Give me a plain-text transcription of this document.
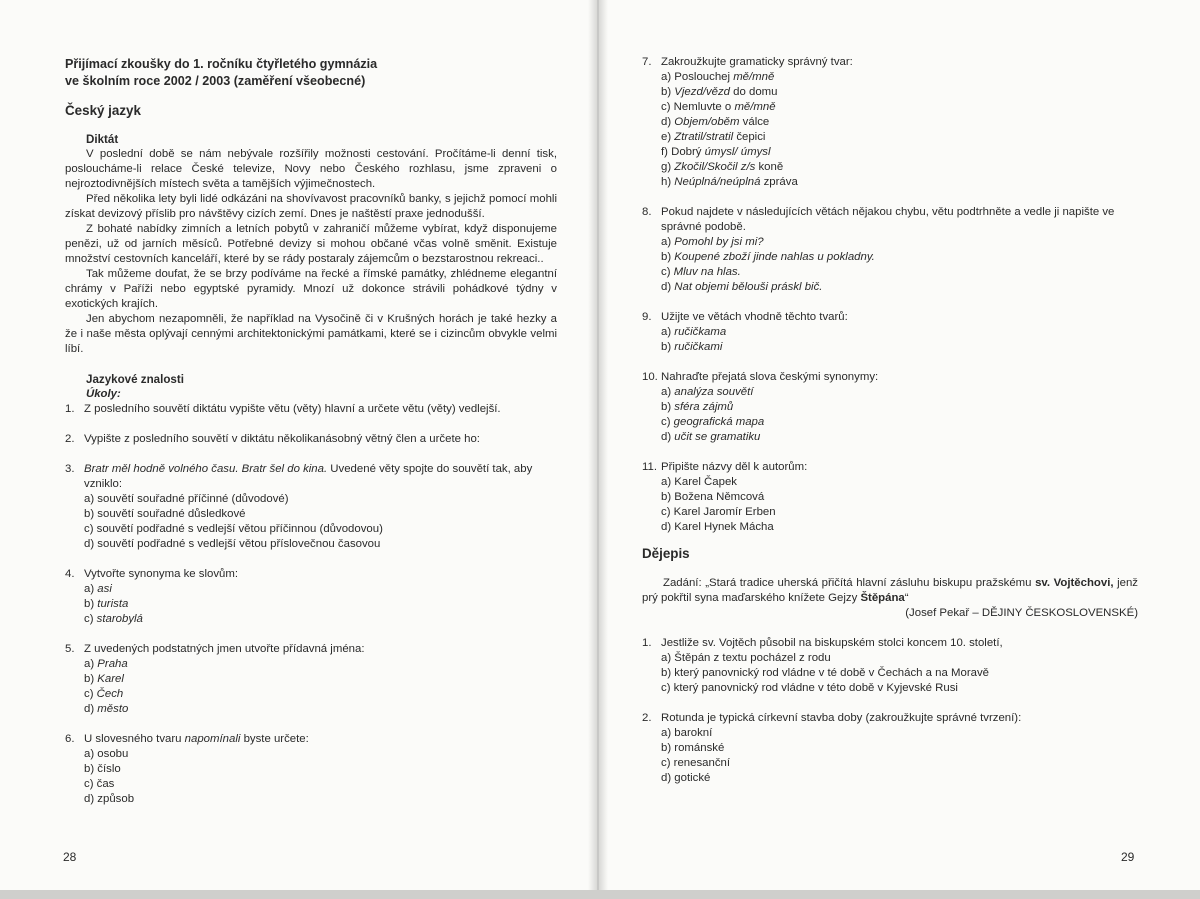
Přijímací zkoušky do 1. ročníku čtyřletého gymnázia

ve školním roce 2002 / 2003 (zaměření všeobecné)

Český jazyk
Diktát

V poslední době se nám nebývale rozšířily možnosti cestování. Pročítáme-li denní tisk, posloucháme-li relace České televize, Novy nebo Českého rozhlasu, jsme zpraveni o nejroztodivnějších místech světa a tamějších výjimečnostech.

Před několika lety byli lidé odkázáni na shovívavost pracovníků banky, s jejichž pomocí mohli získat devizový příslib pro návštěvy cizích zemí. Dnes je naštěstí praxe jednodušší.

Z bohaté nabídky zimních a letních pobytů v zahraničí můžeme vybírat, když disponujeme penězi, už od jarních měsíců. Potřebné devizy si mohou občané včas volně směnit. Existuje množství cestovních kanceláří, které by se rády postaraly zájemcům o bezstarostnou rekreaci..

Tak můžeme doufat, že se brzy podíváme na řecké a římské památky, zhlédneme elegantní chrámy v Paříži nebo egyptské pyramidy. Mnozí už dokonce strávili pohádkové týdny v exotických krajích.

Jen abychom nezapomněli, že například na Vysočině či v Krušných horách je také hezky a že i naše města oplývají cennými architektonickými památkami, které se i cizincům obvykle velmi líbí.

Jazykové znalosti
Úkoly:
1. Z posledního souvětí diktátu vypište větu (věty) hlavní a určete větu (věty) vedlejší.
2. Vypište z posledního souvětí v diktátu několikanásobný větný člen a určete ho:
3. Bratr měl hodně volného času. Bratr šel do kina. Uvedené věty spojte do souvětí tak, aby vzniklo:
a) souvětí souřadné příčinné (důvodové)
b) souvětí souřadné důsledkové
c) souvětí podřadné s vedlejší větou příčinnou (důvodovou)
d) souvětí podřadné s vedlejší větou příslovečnou časovou
4. Vytvořte synonyma ke slovům:
a) asi
b) turista
c) starobylá
5. Z uvedených podstatných jmen utvořte přídavná jména:
a) Praha
b) Karel
c) Čech
d) město
6. U slovesného tvaru napomínali byste určete:
a) osobu
b) číslo
c) čas
d) způsob
28
7. Zakroužkujte gramaticky správný tvar:
a) Poslouchej mě/mně
b) Vjezd/vězd do domu
c) Nemluvte o mě/mně
d) Objem/oběm válce
e) Ztratil/stratil čepici
f) Dobrý úmysl/ úmysl
g) Zkočil/Skočil z/s koně
h) Neúplná/neúplná zpráva
8. Pokud najdete v následujících větách nějakou chybu, větu podtrhněte a vedle ji napište ve správné podobě.
a) Pomohl by jsi mi?
b) Koupené zboží jinde nahlas u pokladny.
c) Mluv na hlas.
d) Nat objemi bělouši práskl bič.
9. Užijte ve větách vhodně těchto tvarů:
a) ručičkama
b) ručičkami
10. Nahraďte přejatá slova českými synonymy:
a) analýza souvětí
b) sféra zájmů
c) geografická mapa
d) učit se gramatiku
11. Připište názvy děl k autorům:
a) Karel Čapek
b) Božena Němcová
c) Karel Jaromír Erben
d) Karel Hynek Mácha
Dějepis

Zadání: „Stará tradice uherská přičítá hlavní zásluhu biskupu pražskému sv. Vojtěchovi, jenž prý pokřtil syna maďarského knížete Gejzy Štěpána“

(Josef Pekař – DĚJINY ČESKOSLOVENSKÉ)
1. Jestliže sv. Vojtěch působil na biskupském stolci koncem 10. století,
a) Štěpán z textu pocházel z rodu
b) který panovnický rod vládne v té době v Čechách a na Moravě
c) který panovnický rod vládne v této době v Kyjevské Rusi
2. Rotunda je typická církevní stavba doby (zakroužkujte správné tvrzení):
a) barokní
b) románské
c) renesanční
d) gotické
29
